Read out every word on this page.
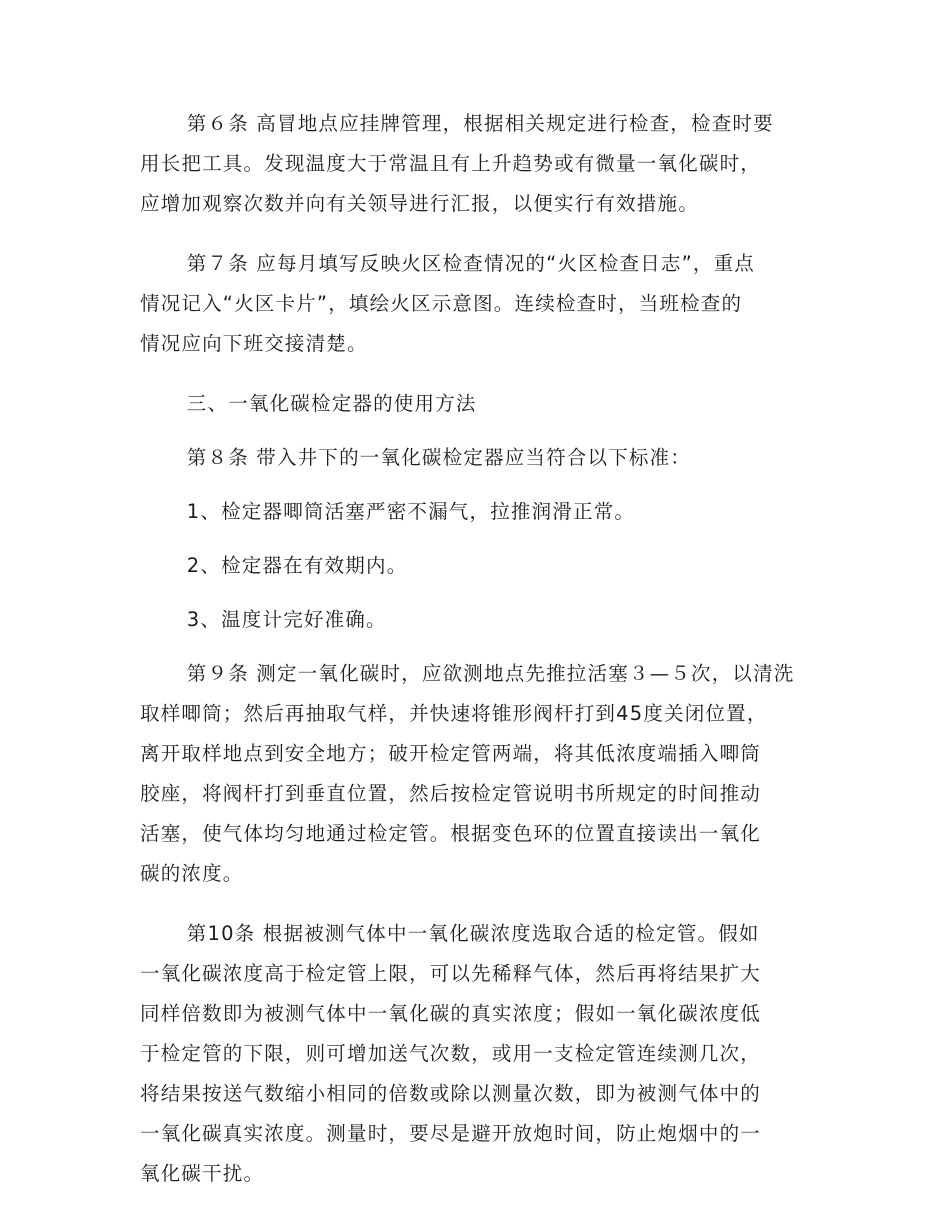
第６条 高冒地点应挂牌管理，根据相关规定进行检查，检查时要
用长把工具。发现温度大于常温且有上升趋势或有微量一氧化碳时，
应增加观察次数并向有关领导进行汇报，以便实行有效措施。

第７条 应每月填写反映火区检查情况的“火区检查日志”，重点
情况记入“火区卡片”，填绘火区示意图。连续检查时，当班检查的
情况应向下班交接清楚。

三、一氧化碳检定器的使用方法

第８条 带入井下的一氧化碳检定器应当符合以下标准：

1、检定器唧筒活塞严密不漏气，拉推润滑正常。

2、检定器在有效期内。

3、温度计完好准确。

第９条 测定一氧化碳时，应欲测地点先推拉活塞３—５次，以清洗
取样唧筒；然后再抽取气样，并快速将锥形阀杆打到45度关闭位置，
离开取样地点到安全地方；破开检定管两端，将其低浓度端插入唧筒
胶座，将阀杆打到垂直位置，然后按检定管说明书所规定的时间推动
活塞，使气体均匀地通过检定管。根据变色环的位置直接读出一氧化
碳的浓度。

第10条 根据被测气体中一氧化碳浓度选取合适的检定管。假如
一氧化碳浓度高于检定管上限，可以先稀释气体，然后再将结果扩大
同样倍数即为被测气体中一氧化碳的真实浓度；假如一氧化碳浓度低
于检定管的下限，则可增加送气次数，或用一支检定管连续测几次，
将结果按送气数缩小相同的倍数或除以测量次数，即为被测气体中的
一氧化碳真实浓度。测量时，要尽是避开放炮时间，防止炮烟中的一
氧化碳干扰。
